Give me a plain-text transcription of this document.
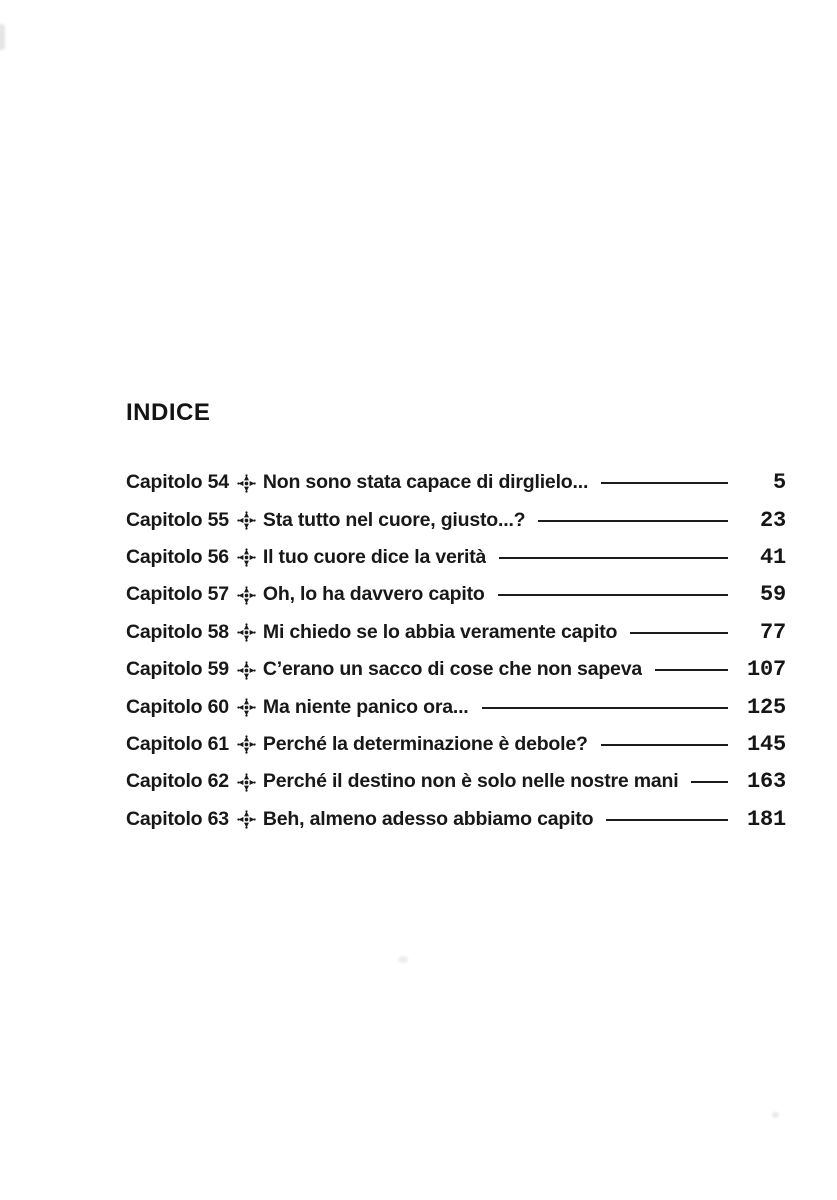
INDICE
Capitolo 54 Non sono stata capace di dirglielo...	5
Capitolo 55 Sta tutto nel cuore, giusto...?	23
Capitolo 56 Il tuo cuore dice la verità	41
Capitolo 57 Oh, lo ha davvero capito	59
Capitolo 58 Mi chiedo se lo abbia veramente capito	77
Capitolo 59 C’erano un sacco di cose che non sapeva	107
Capitolo 60 Ma niente panico ora...	125
Capitolo 61 Perché la determinazione è debole?	145
Capitolo 62 Perché il destino non è solo nelle nostre mani	163
Capitolo 63 Beh, almeno adesso abbiamo capito	181
